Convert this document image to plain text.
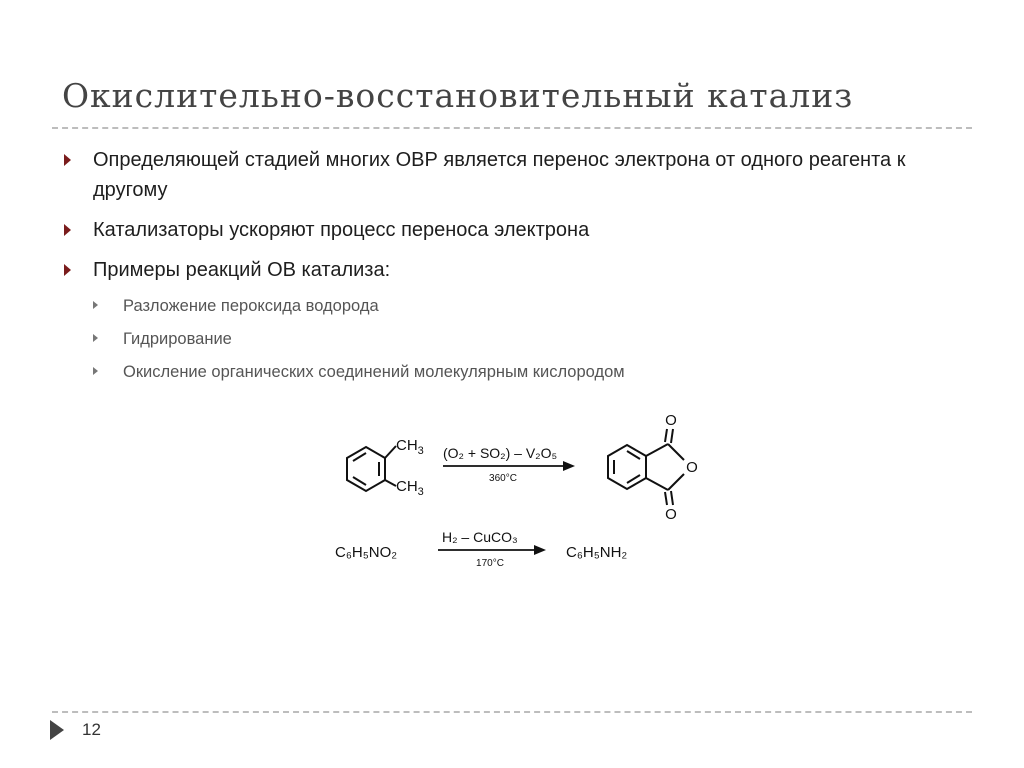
Окислительно-восстановительный катализ
Определяющей стадией многих ОВР является перенос электрона от одного реагента к другому
Катализаторы ускоряют процесс переноса электрона
Примеры реакций ОВ катализа:
Разложение пероксида водорода
Гидрирование
Окисление органических соединений молекулярным кислородом
$CH_3$
$CH_3$
(O₂ + SO₂) – V₂O₅
360°C
O
O
O
C₆H₅NO₂
H₂ – CuCO₃
170°C
C₆H₅NH₂
12
